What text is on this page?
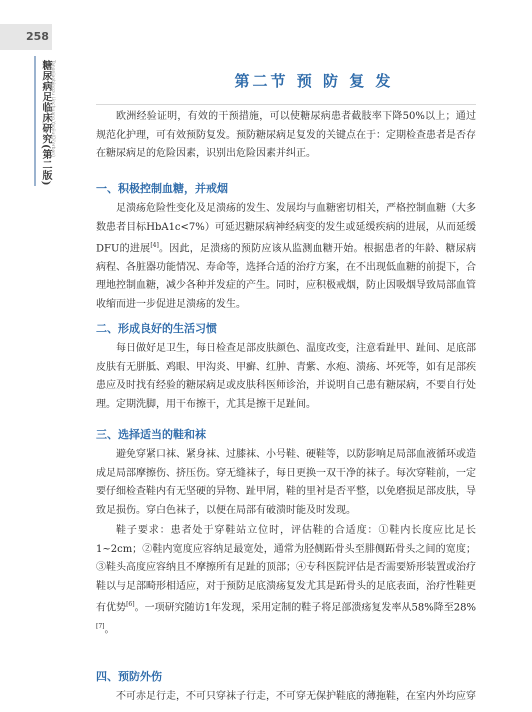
258
糖尿病足临床研究(第二版) Tangniaobingzu Linchuang Yanjiu(Di'erban)	第二节 预 防 复 发

欧洲经验证明，有效的干预措施，可以使糖尿病患者截肢率下降50%以上；通过规范化护理，可有效预防复发。预防糖尿病足复发的关键点在于：定期检查患者是否存在糖尿病足的危险因素，识别出危险因素并纠正。

一、积极控制血糖，并戒烟

足溃疡危险性变化及足溃疡的发生、发展均与血糖密切相关，严格控制血糖（大多数患者目标HbA1c<7%）可延迟糖尿病神经病变的发生或延缓疾病的进展，从而延缓DFU的进展[4]。因此，足溃疡的预防应该从监测血糖开始。根据患者的年龄、糖尿病病程、各脏器功能情况、寿命等，选择合适的治疗方案，在不出现低血糖的前提下，合理地控制血糖，减少各种并发症的产生。同时，应积极戒烟，防止因吸烟导致局部血管收缩而进一步促进足溃疡的发生。

二、形成良好的生活习惯

每日做好足卫生，每日检查足部皮肤颜色、温度改变，注意看趾甲、趾间、足底部皮肤有无胼胝、鸡眼、甲沟炎、甲癣、红肿、青紫、水疱、溃疡、坏死等，如有足部疾患应及时找有经验的糖尿病足或皮肤科医师诊治，并说明自己患有糖尿病，不要自行处理。定期洗脚，用干布擦干，尤其是擦干足趾间。

三、选择适当的鞋和袜

避免穿紧口袜、紧身袜、过膝袜、小号鞋、硬鞋等，以防影响足局部血液循环或造成足局部摩擦伤、挤压伤。穿无缝袜子，每日更换一双干净的袜子。每次穿鞋前，一定要仔细检查鞋内有无坚硬的异物、趾甲屑，鞋的里衬是否平整，以免磨损足部皮肤，导致足损伤。穿白色袜子，以便在局部有破溃时能及时发现。

鞋子要求：患者处于穿鞋站立位时，评估鞋的合适度：①鞋内长度应比足长1~2cm；②鞋内宽度应容纳足最宽处，通常为胫侧跖骨头至腓侧跖骨头之间的宽度；③鞋头高度应容纳且不摩擦所有足趾的顶部；④专科医院评估是否需要矫形装置或治疗鞋以与足部畸形相适应，对于预防足底溃疡复发尤其是跖骨头的足底表面，治疗性鞋更有优势[6]。一项研究随访1年发现，采用定制的鞋子将足部溃疡复发率从58%降至28%[7]。

四、预防外伤

不可赤足行走，不可只穿袜子行走，不可穿无保护鞋底的薄拖鞋，在室内外均应穿
